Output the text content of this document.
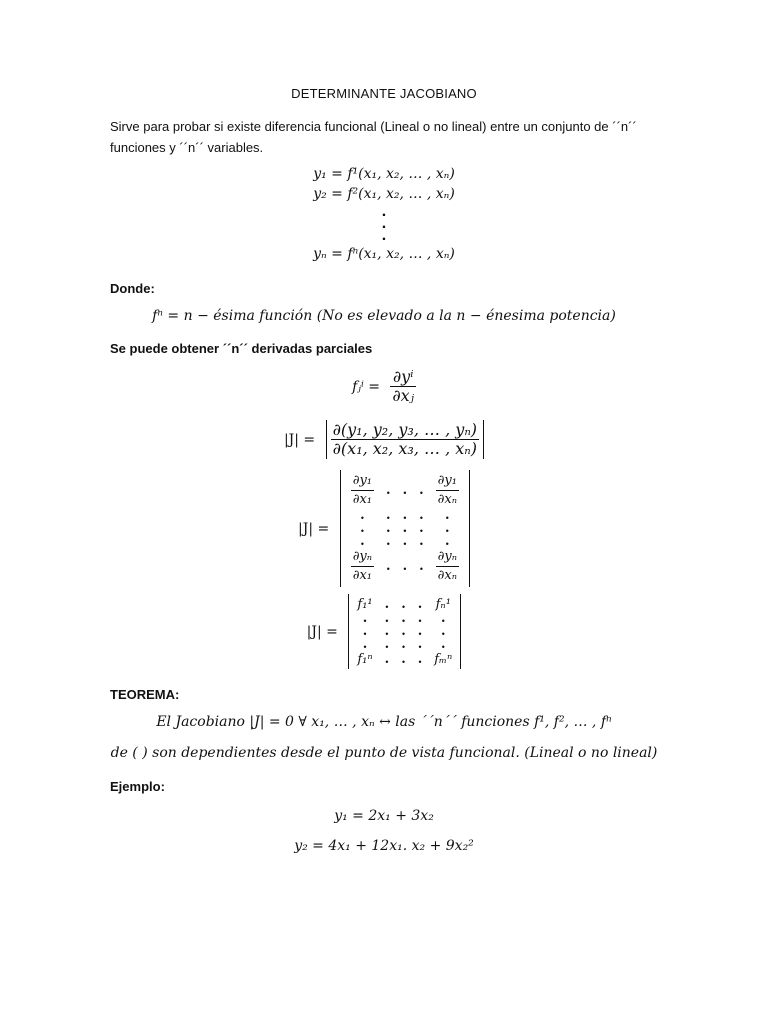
DETERMINANTE JACOBIANO
Sirve para probar si existe diferencia funcional (Lineal o no lineal) entre un conjunto de ´´n´´
funciones y ´´n´´ variables.
y₁ = f¹(x₁, x₂, … , xₙ)
y₂ = f²(x₁, x₂, … , xₙ)
.
.
.
yₙ = fⁿ(x₁, x₂, … , xₙ)
Donde:
fⁿ = n − ésima función (No es elevado a la n − énesima potencia)
Se puede obtener ´´n´´ derivadas parciales
fⱼⁱ = $\frac{\text{∂yⁱ}}{\text{∂xⱼ}}$
$|J| = \frac{\text{∂(y₁, y₂, y₃, … , yₙ)}}{\text{∂(x₁, x₂, x₃, … , xₙ)}}$
|J| =
$\frac{\text{∂y₁}}{\text{∂x₁}}$	.	.	.	$\frac{\text{∂y₁}}{\text{∂xₙ}}$

.	.	.	.	.
.	.	.	.	.
.	.	.	.	.

$\frac{\text{∂yₙ}}{\text{∂x₁}}$	.	.	.	$\frac{\text{∂yₙ}}{\text{∂xₙ}}$
|J| = f₁¹	.	.	.	fₙ¹
.	.	.	.	.
.	.	.	.	.
.	.	.	.	.
f₁ⁿ	.	.	.	fₘⁿ
TEOREMA:
El Jacobiano |J| = 0 ∀ x₁, … , xₙ ↔ las ´´n´´ funciones f¹, f², … , fⁿ
de ( ) son dependientes desde el punto de vista funcional. (Lineal o no lineal)
Ejemplo:
y₁ = 2x₁ + 3x₂
y₂ = 4x₁ + 12x₁. x₂ + 9x₂²
